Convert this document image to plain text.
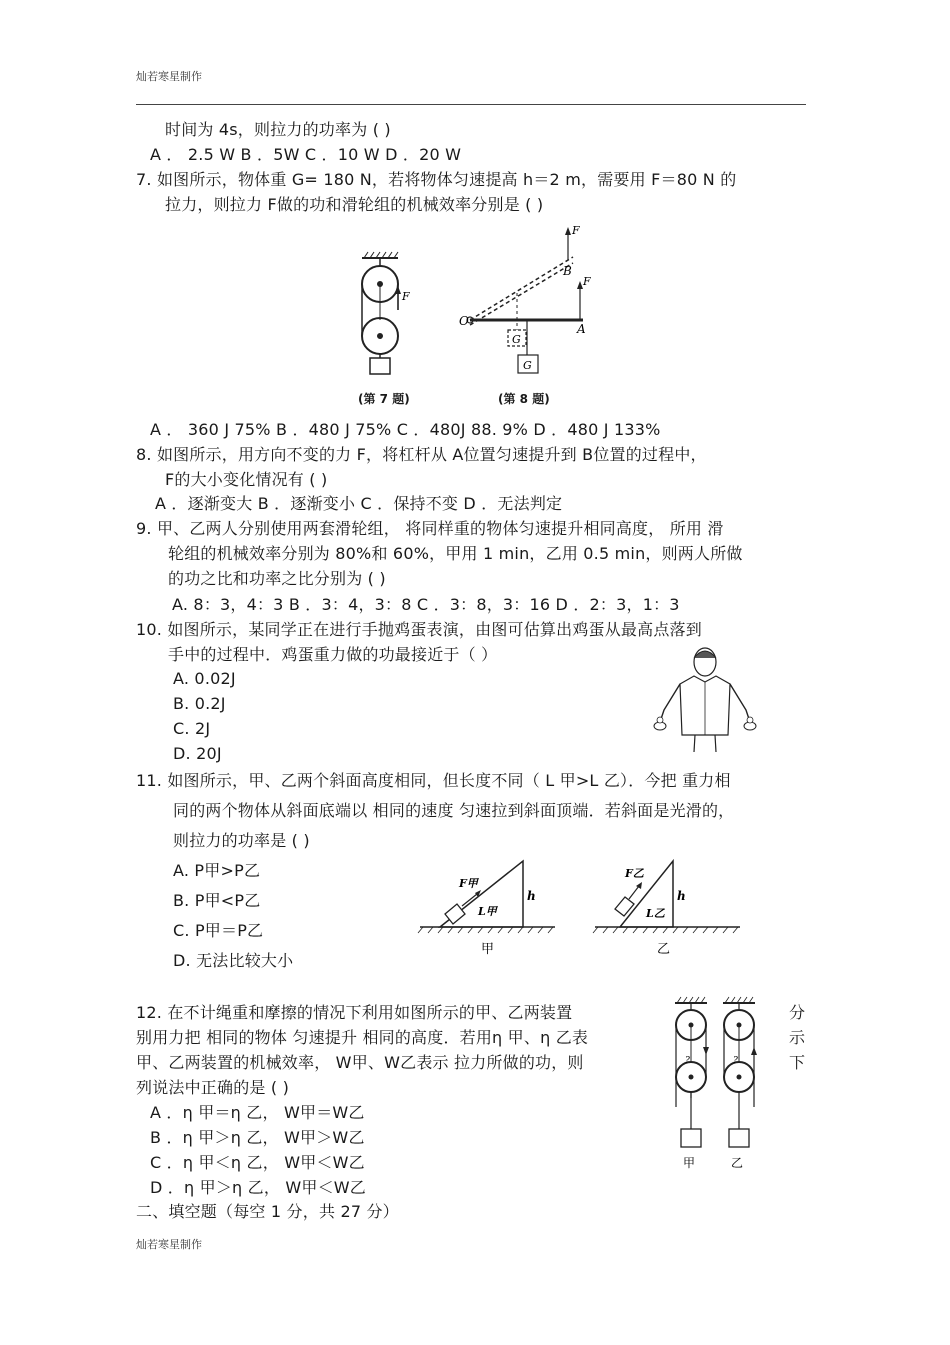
灿若寒星制作
时间为 4s，则拉力的功率为 ( )
A ． 2.5 W B ．5W C ．10 W D ．20 W
7. 如图所示，物体重 G= 180 N，若将物体匀速提高 h＝2 m，需要用 F＝80 N 的
拉力，则拉力 F做的功和滑轮组的机械效率分别是 ( )
F
O
A
B
F
F
G
G
(第 7 题)	(第 8 题)
A ． 360 J 75% B ．480 J 75% C ．480J 88. 9% D ．480 J 133%
8. 如图所示，用方向不变的力 F，将杠杆从 A位置匀速提升到 B位置的过程中，
F的大小变化情况有 ( )
A ．逐渐变大 B ．逐渐变小 C ．保持不变 D ．无法判定
9. 甲、乙两人分别使用两套滑轮组， 将同样重的物体匀速提升相同高度， 所用 滑
轮组的机械效率分别为 80%和 60%，甲用 1 min，乙用 0.5 min，则两人所做
的功之比和功率之比分别为 ( )
A. 8：3，4：3 B ．3：4，3：8 C ．3：8，3：16 D ．2：3，1：3
10. 如图所示，某同学正在进行手抛鸡蛋表演，由图可估算出鸡蛋从最高点落到
手中的过程中．鸡蛋重力做的功最接近于（ ）
A. 0.02J
B. 0.2J
C. 2J
D. 20J
11. 如图所示，甲、乙两个斜面高度相同，但长度不同（ L 甲>L 乙）．今把 重力相
同的两个物体从斜面底端以 相同的速度 匀速拉到斜面顶端．若斜面是光滑的，
则拉力的功率是 ( )
A. P甲>P乙
B. P甲<P乙
C. P甲＝P乙
D. 无法比较大小
F甲
L甲
h
甲
F乙
L乙
h
乙
12. 在不计绳重和摩擦的情况下利用如图所示的甲、乙两装置
别用力把 相同的物体 匀速提升 相同的高度．若用η 甲、η 乙表
甲、乙两装置的机械效率， W甲、W乙表示 拉力所做的功，则
列说法中正确的是 ( )
分
示
下
A ．η 甲＝η 乙， W甲＝W乙
B ．η 甲＞η 乙， W甲＞W乙
C ．η 甲＜η 乙， W甲＜W乙
D ．η 甲＞η 乙， W甲＜W乙
?
甲
?
乙
二、填空题（每空 1 分，共 27 分）
灿若寒星制作
